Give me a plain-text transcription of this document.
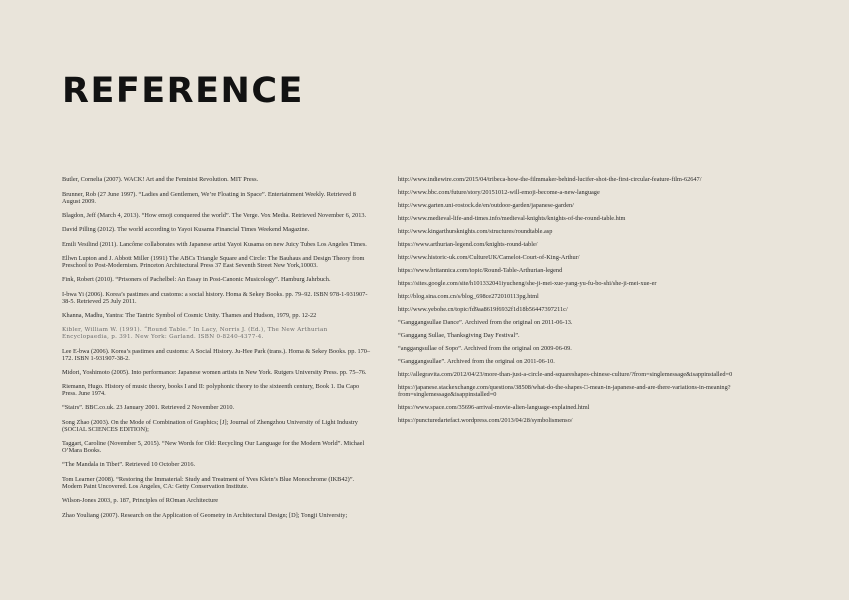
REFERENCE

Butler, Cornelia (2007). WACK! Art and the Feminist Revolution. MIT Press.

Brunner, Rob (27 June 1997). “Ladies and Gentlemen, We’re Floating in Space”. Entertainment Weekly. Retrieved 8 August 2009.

Blagdon, Jeff (March 4, 2013). “How emoji conquered the world”. The Verge. Vox Media. Retrieved November 6, 2013.

David Pilling (2012). The world according to Yayoi Kusama Financial Times Weekend Magazine.

Emili Vesilind (2011). Lancôme collaborates with Japanese artist Yayoi Kusama on new Juicy Tubes Los Angeles Times.

Ellwn Lupton and J. Abbott Miller (1991) The ABCs Triangle Square and Circle: The Bauhaus and Design Theory from Preschool to Post-Modernism. Princeton Architectural Press 37 East Seventh Street New York,10003.

Fink, Robert (2010). “Prisoners of Pachelbel: An Essay in Post-Canonic Musicology”. Hamburg Jahrbuch.

I-bwa Yi (2006). Korea’s pastimes and customs: a social history. Homa & Sekey Books. pp. 79–92. ISBN 978-1-931907-38-5. Retrieved 25 July 2011.

Khanna, Madhu, Yantra: The Tantric Symbol of Cosmic Unity. Thames and Hudson, 1979, pp. 12-22

Kibler, William W. (1991). “Round Table.” In Lacy, Norris J. (Ed.), The New Arthurian Encyclopaedia, p. 391. New York: Garland. ISBN 0-8240-4377-4.

Lee E-bwa (2006). Korea’s pastimes and customs: A Social History. Ju-Hee Park (trans.). Homa & Sekey Books. pp. 170–172. ISBN 1-931907-38-2.

Midori, Yoshimoto (2005). Into performance: Japanese women artists in New York. Rutgers University Press. pp. 75–76.

Riemann, Hugo. History of music theory, books I and II: polyphonic theory to the sixteenth century, Book 1. Da Capo Press. June 1974.

“Stairs”. BBC.co.uk. 23 January 2001. Retrieved 2 November 2010.

Song Zhao (2003). On the Mode of Combination of Graphics; [J]; Journal of Zhengzhou University of Light Industry (SOCIAL SCIENCES EDITION);

Taggart, Caroline (November 5, 2015). “New Words for Old: Recycling Our Language for the Modern World”. Michael O’Mara Books.

“The Mandala in Tibet”. Retrieved 10 October 2016.

Tom Learner (2008). “Restoring the Immaterial: Study and Treatment of Yves Klein’s Blue Monochrome (IKB42)”. Modern Paint Uncovered. Los Angeles, CA: Getty Conservation Institute.

Wilson-Jones 2003, p. 187, Principles of ROman Architecture

Zhao Youliang (2007). Research on the Application of Geometry in Architectural Design; [D]; Tongji University;

http://www.indiewire.com/2015/04/tribeca-how-the-filmmaker-behind-lucifer-shot-the-first-circular-feature-film-62647/

http://www.bbc.com/future/story/20151012-will-emoji-become-a-new-language

http://www.garten.uni-rostock.de/en/outdoor-garden/japanese-garden/

http://www.medieval-life-and-times.info/medieval-knights/knights-of-the-round-table.htm

http://www.kingarthursknights.com/structures/roundtable.asp

https://www.arthurian-legend.com/knights-round-table/

http://www.historic-uk.com/CultureUK/Camelot-Court-of-King-Arthur/

https://www.britannica.com/topic/Round-Table-Arthurian-legend

https://sites.google.com/site/h101332041iyucheng/she-ji-mei-xue-yang-yu-fu-bo-shi/she-ji-mei-xue-er

http://blog.sina.com.cn/s/blog_698ce272010113pg.html

http://www.yebohe.cn/topic/fd9aa8619f6932f1d18b56447397211c/

“Ganggangsullae Dance”. Archived from the original on 2011-06-13.

“Ganggang Sullae, Thanksgiving Day Festival”.

“anggangsullae of Sopo”. Archived from the original on 2009-06-09.

“Ganggangsullae”. Archived from the original on 2011-06-10.

http://allegravita.com/2012/04/23/more-than-just-a-circle-and-squareshapes-chinese-culture/?from=singlemessage&isappinstalled=0

https://japanese.stackexchange.com/questions/38508/what-do-the-shapes-□-mean-in-japanese-and-are-there-variations-in-meaning?from=singlemessage&isappinstalled=0

https://www.space.com/35696-arrival-movie-alien-language-explained.html

https://puncturedartefact.wordpress.com/2013/04/28/symbolismenso/
